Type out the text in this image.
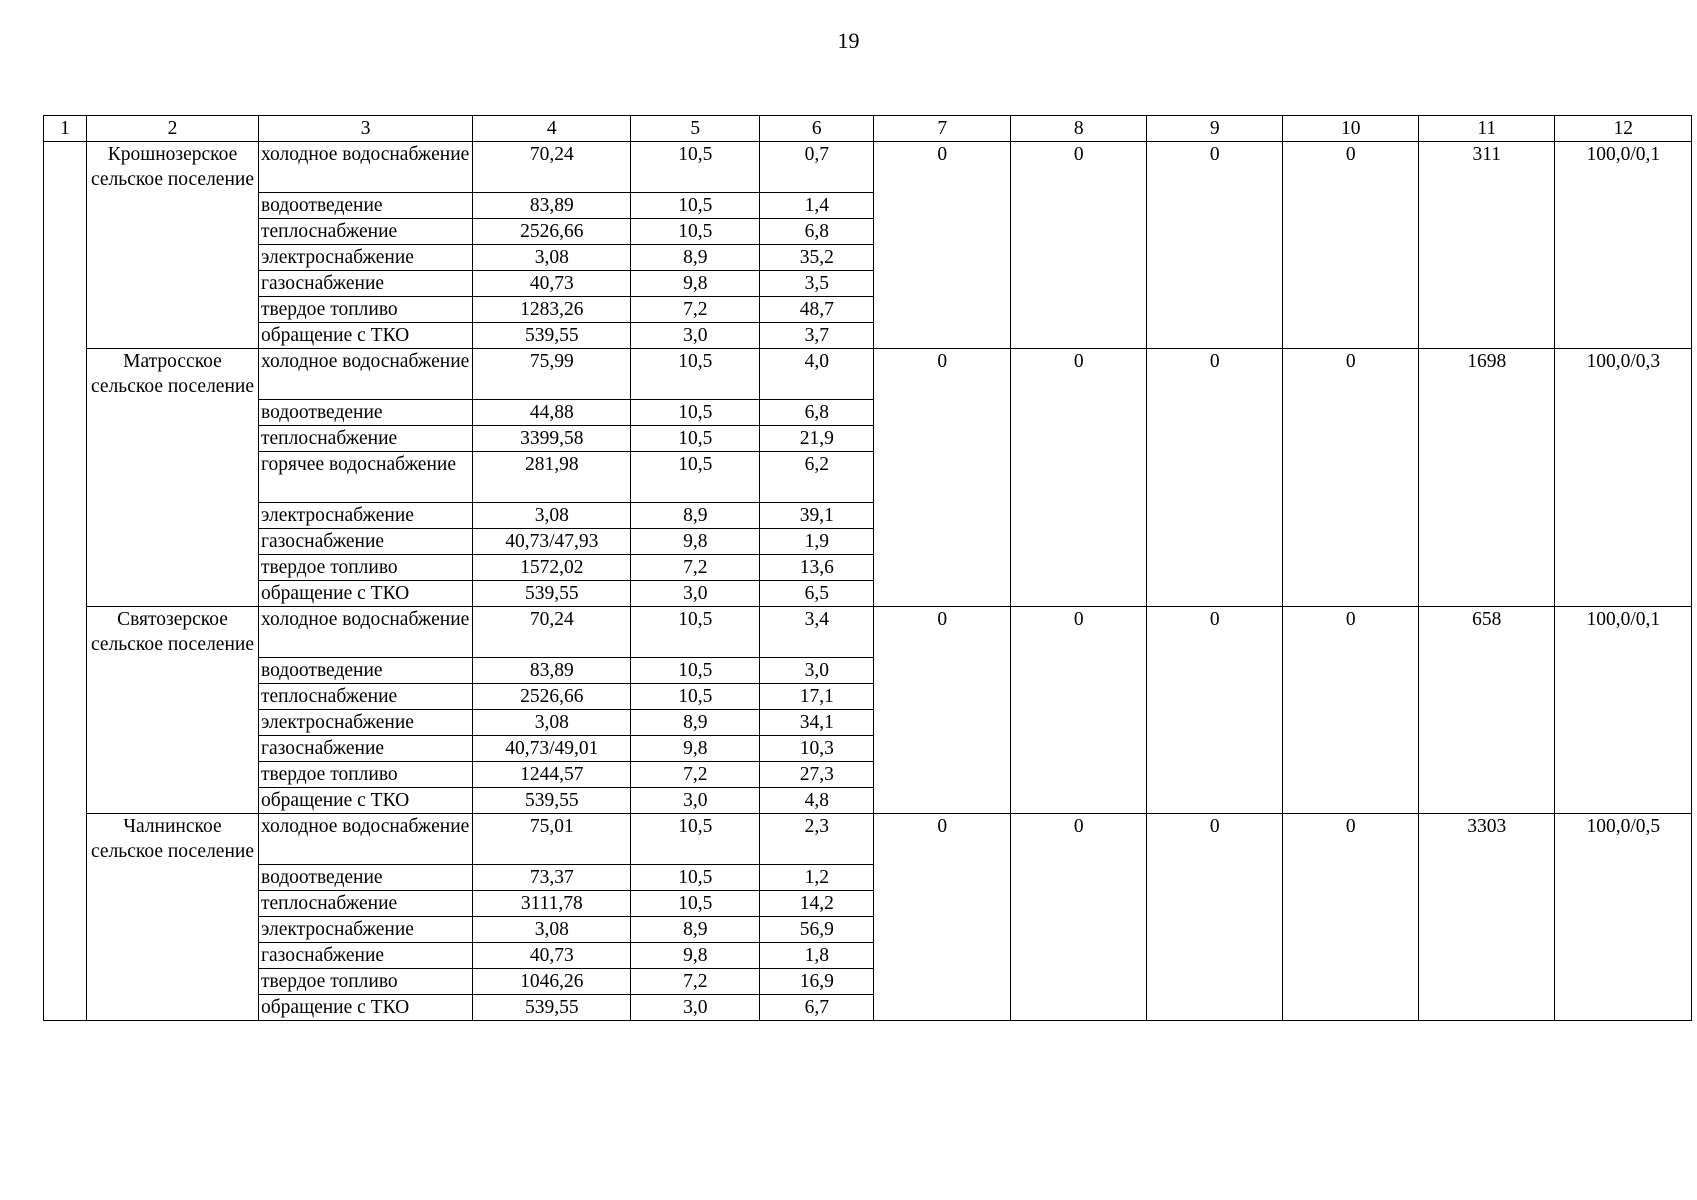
19
1	2	3	4	5	6	7	8	9	10	11	12
	Крошнозерское сельское поселение	холодное водоснабжение	70,24	10,5	0,7	0	0	0	0	311	100,0/0,1
		водоотведение	83,89	10,5	1,4						
		теплоснабжение	2526,66	10,5	6,8						
		электроснабжение	3,08	8,9	35,2						
		газоснабжение	40,73	9,8	3,5						
		твердое топливо	1283,26	7,2	48,7						
		обращение с ТКО	539,55	3,0	3,7						
	Матросское сельское поселение	холодное водоснабжение	75,99	10,5	4,0	0	0	0	0	1698	100,0/0,3
		водоотведение	44,88	10,5	6,8						
		теплоснабжение	3399,58	10,5	21,9						
		горячее водоснабжение	281,98	10,5	6,2						
		электроснабжение	3,08	8,9	39,1						
		газоснабжение	40,73/47,93	9,8	1,9						
		твердое топливо	1572,02	7,2	13,6						
		обращение с ТКО	539,55	3,0	6,5						
	Святозерское сельское поселение	холодное водоснабжение	70,24	10,5	3,4	0	0	0	0	658	100,0/0,1
		водоотведение	83,89	10,5	3,0						
		теплоснабжение	2526,66	10,5	17,1						
		электроснабжение	3,08	8,9	34,1						
		газоснабжение	40,73/49,01	9,8	10,3						
		твердое топливо	1244,57	7,2	27,3						
		обращение с ТКО	539,55	3,0	4,8						
	Чалнинское сельское поселение	холодное водоснабжение	75,01	10,5	2,3	0	0	0	0	3303	100,0/0,5
		водоотведение	73,37	10,5	1,2						
		теплоснабжение	3111,78	10,5	14,2						
		электроснабжение	3,08	8,9	56,9						
		газоснабжение	40,73	9,8	1,8						
		твердое топливо	1046,26	7,2	16,9						
		обращение с ТКО	539,55	3,0	6,7						
